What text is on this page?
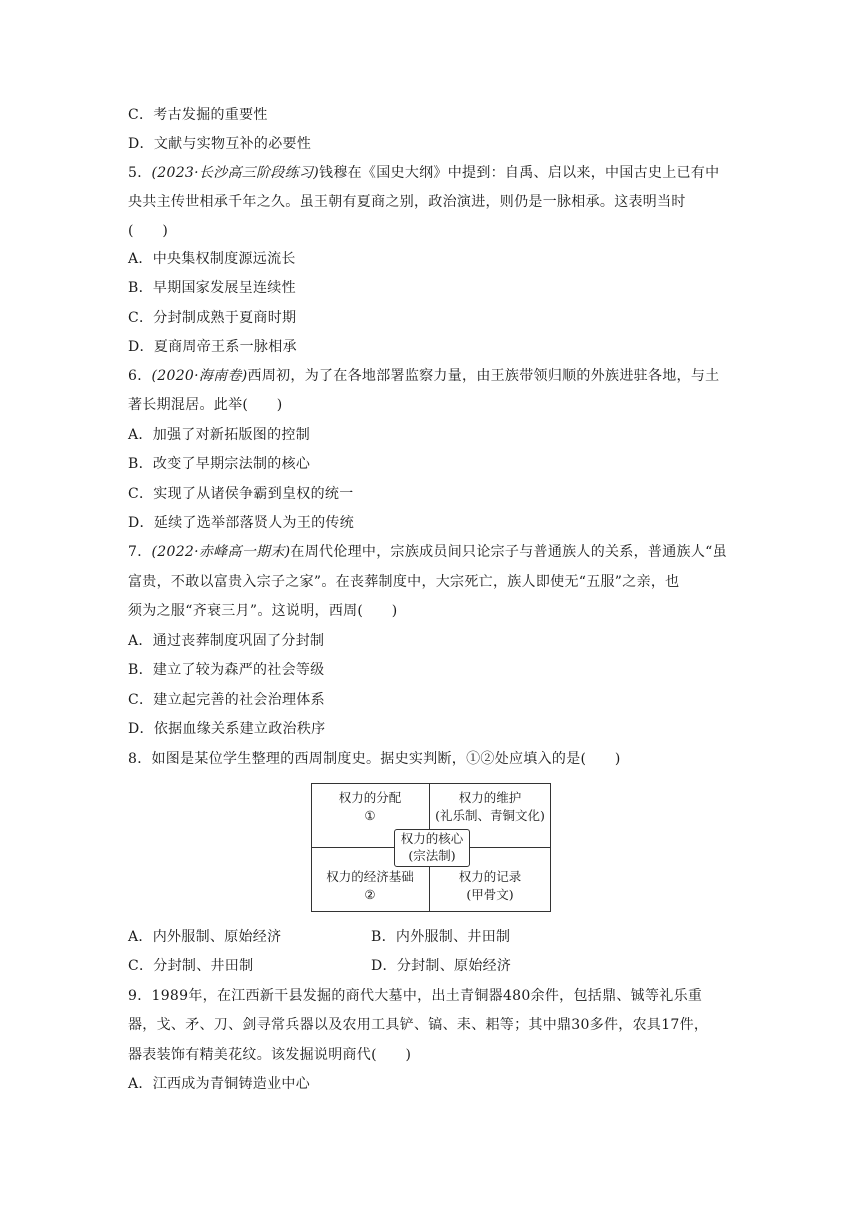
C．考古发掘的重要性
D．文献与实物互补的必要性
5．(2023·长沙高三阶段练习)钱穆在《国史大纲》中提到：自禹、启以来，中国古史上已有中
央共主传世相承千年之久。虽王朝有夏商之别，政治演进，则仍是一脉相承。这表明当时
(　　)
A．中央集权制度源远流长
B．早期国家发展呈连续性
C．分封制成熟于夏商时期
D．夏商周帝王系一脉相承
6．(2020·海南卷)西周初，为了在各地部署监察力量，由王族带领归顺的外族进驻各地，与土
著长期混居。此举(　　)
A．加强了对新拓版图的控制
B．改变了早期宗法制的核心
C．实现了从诸侯争霸到皇权的统一
D．延续了选举部落贤人为王的传统
7．(2022·赤峰高一期末)在周代伦理中，宗族成员间只论宗子与普通族人的关系，普通族人“虽
富贵，不敢以富贵入宗子之家”。在丧葬制度中，大宗死亡，族人即使无“五服”之亲，也
须为之服“齐衰三月”。这说明，西周(　　)
A．通过丧葬制度巩固了分封制
B．建立了较为森严的社会等级
C．建立起完善的社会治理体系
D．依据血缘关系建立政治秩序
8．如图是某位学生整理的西周制度史。据史实判断，①②处应填入的是(　　)
权力的分配
①
权力的维护
(礼乐制、青铜文化)
权力的经济基础
②
权力的记录
(甲骨文)
权力的核心
(宗法制)
A．内外服制、原始经济	B．内外服制、井田制
C．分封制、井田制	D．分封制、原始经济
9．1989年，在江西新干县发掘的商代大墓中，出土青铜器480余件，包括鼎、铖等礼乐重
器，戈、矛、刀、剑寻常兵器以及农用工具铲、镐、耒、耜等；其中鼎30多件，农具17件，
器表装饰有精美花纹。该发掘说明商代(　　)
A．江西成为青铜铸造业中心
